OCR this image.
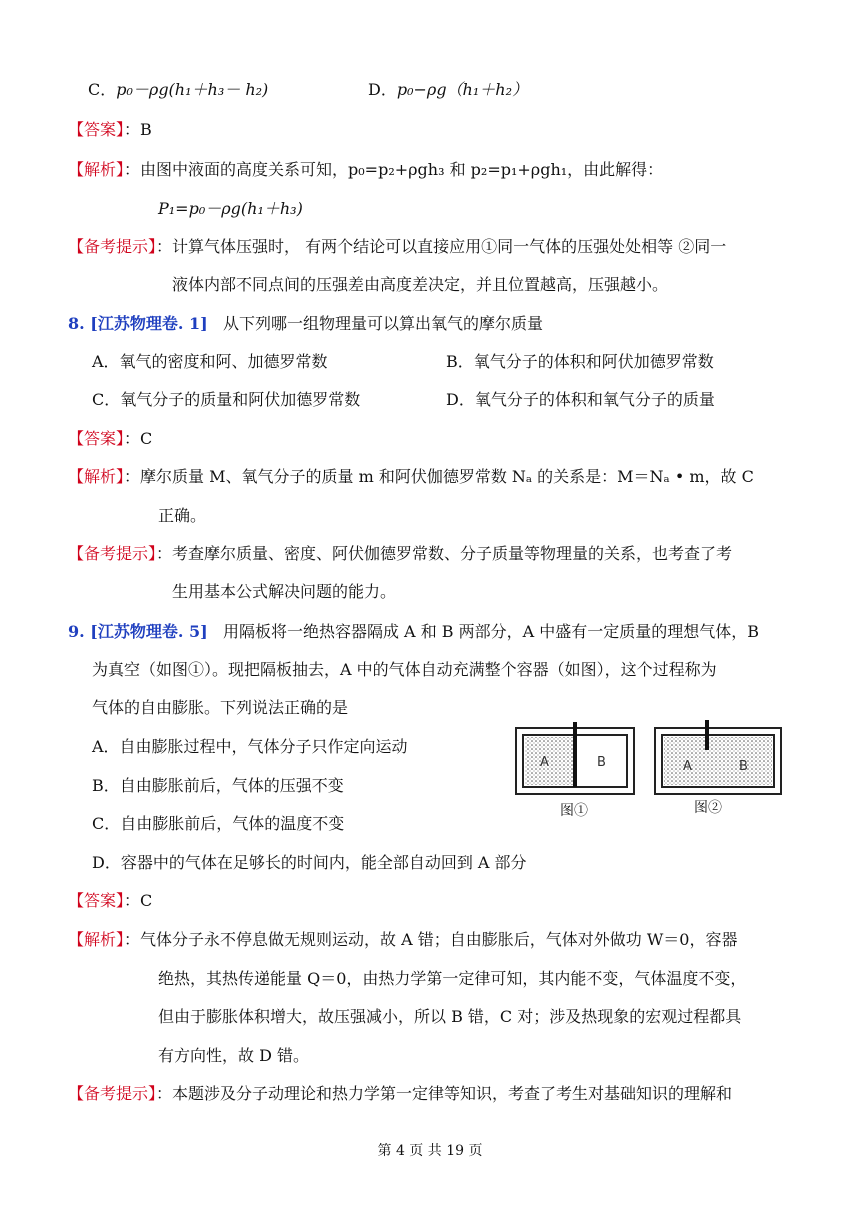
C．p₀－ρg(h₁＋h₃－ h₂)	D．p₀−ρg（h₁＋h₂）
【答案】：B
【解析】：由图中液面的高度关系可知，p₀=p₂+ρgh₃ 和 p₂=p₁+ρgh₁，由此解得：
P₁=p₀－ρg(h₁＋h₃)
【备考提示】：计算气体压强时， 有两个结论可以直接应用①同一气体的压强处处相等 ②同一
液体内部不同点间的压强差由高度差决定，并且位置越高，压强越小。
8. [江苏物理卷. 1] 从下列哪一组物理量可以算出氧气的摩尔质量
A．氧气的密度和阿、加德罗常数	B．氧气分子的体积和阿伏加德罗常数
C．氧气分子的质量和阿伏加德罗常数	D．氧气分子的体积和氧气分子的质量
【答案】：C
【解析】：摩尔质量 M、氧气分子的质量 m 和阿伏伽德罗常数 Nₐ 的关系是：M＝Nₐ • m，故 C
正确。
【备考提示】：考查摩尔质量、密度、阿伏伽德罗常数、分子质量等物理量的关系，也考查了考
生用基本公式解决问题的能力。
9. [江苏物理卷. 5] 用隔板将一绝热容器隔成 A 和 B 两部分，A 中盛有一定质量的理想气体，B
为真空（如图①）。现把隔板抽去，A 中的气体自动充满整个容器（如图），这个过程称为
气体的自由膨胀。下列说法正确的是
A．自由膨胀过程中，气体分子只作定向运动
B．自由膨胀前后，气体的压强不变
C．自由膨胀前后，气体的温度不变
D．容器中的气体在足够长的时间内，能全部自动回到 A 部分
A	B	A	B
图①	图②
【答案】：C
【解析】：气体分子永不停息做无规则运动，故 A 错；自由膨胀后，气体对外做功 W＝0，容器
绝热，其热传递能量 Q＝0，由热力学第一定律可知，其内能不变，气体温度不变，
但由于膨胀体积增大，故压强减小，所以 B 错，C 对；涉及热现象的宏观过程都具
有方向性，故 D 错。
【备考提示】：本题涉及分子动理论和热力学第一定律等知识，考查了考生对基础知识的理解和
第 4 页 共 19 页
